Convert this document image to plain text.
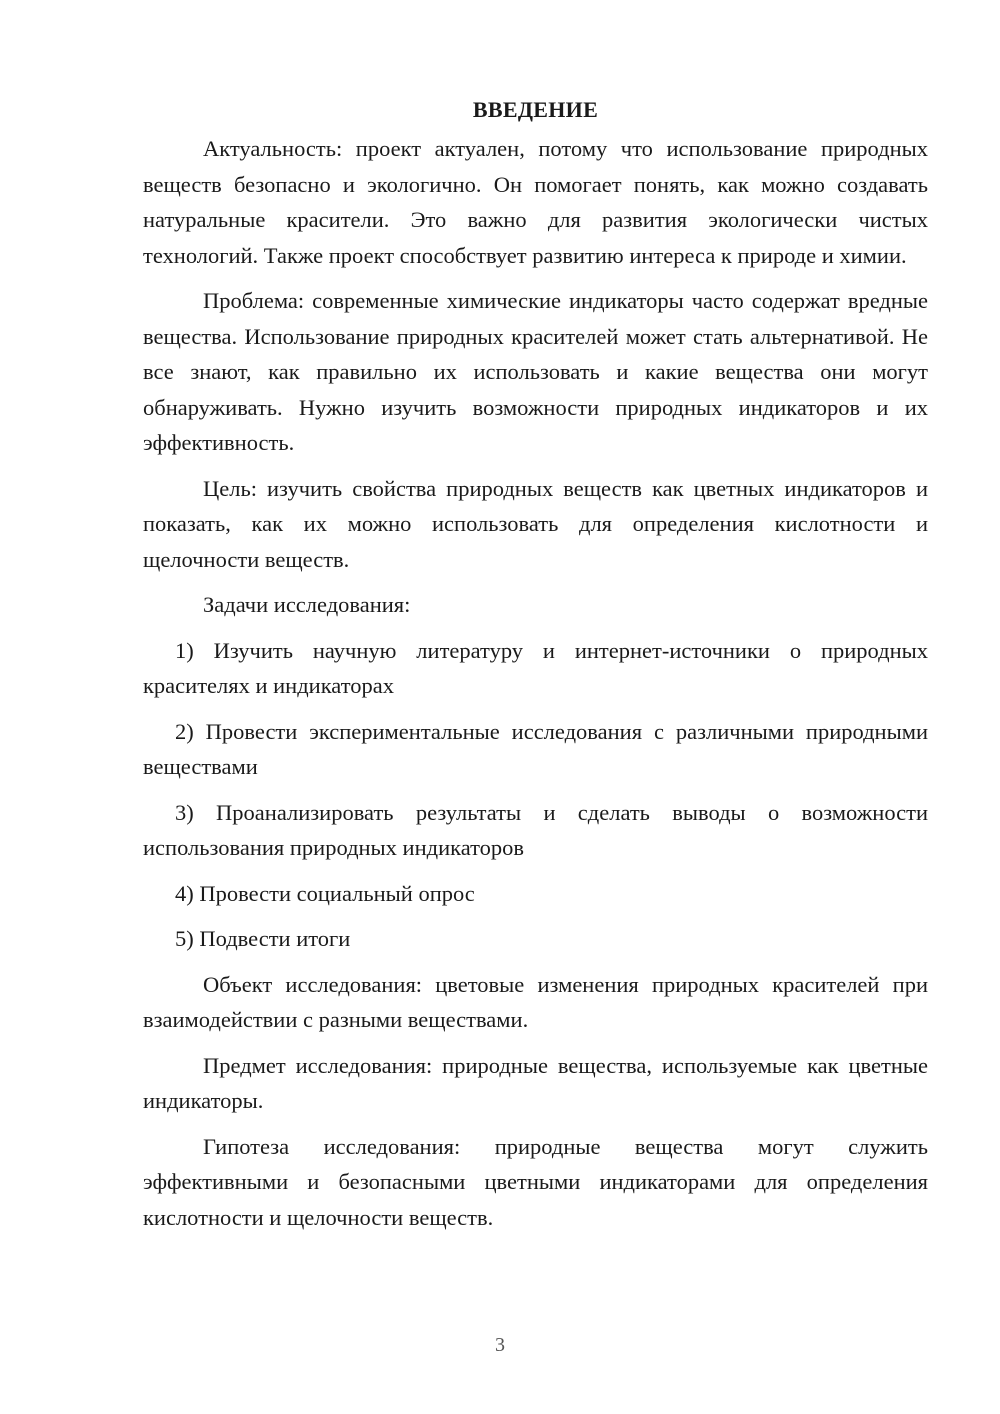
ВВЕДЕНИЕ

Актуальность: проект актуален, потому что использование природных веществ безопасно и экологично. Он помогает понять, как можно создавать натуральные красители. Это важно для развития экологически чистых технологий. Также проект способствует развитию интереса к природе и химии.

Проблема: современные химические индикаторы часто содержат вредные вещества. Использование природных красителей может стать альтернативой. Не все знают, как правильно их использовать и какие вещества они могут обнаруживать. Нужно изучить возможности природных индикаторов и их эффективность.

Цель: изучить свойства природных веществ как цветных индикаторов и показать, как их можно использовать для определения кислотности и щелочности веществ.

Задачи исследования:

1) Изучить научную литературу и интернет-источники о природных красителях и индикаторах

2) Провести экспериментальные исследования с различными природными веществами

3) Проанализировать результаты и сделать выводы о возможности использования природных индикаторов

4) Провести социальный опрос

5) Подвести итоги

Объект исследования: цветовые изменения природных красителей при взаимодействии с разными веществами.

Предмет исследования: природные вещества, используемые как цветные индикаторы.

Гипотеза исследования: природные вещества могут служить эффективными и безопасными цветными индикаторами для определения кислотности и щелочности веществ.

3
